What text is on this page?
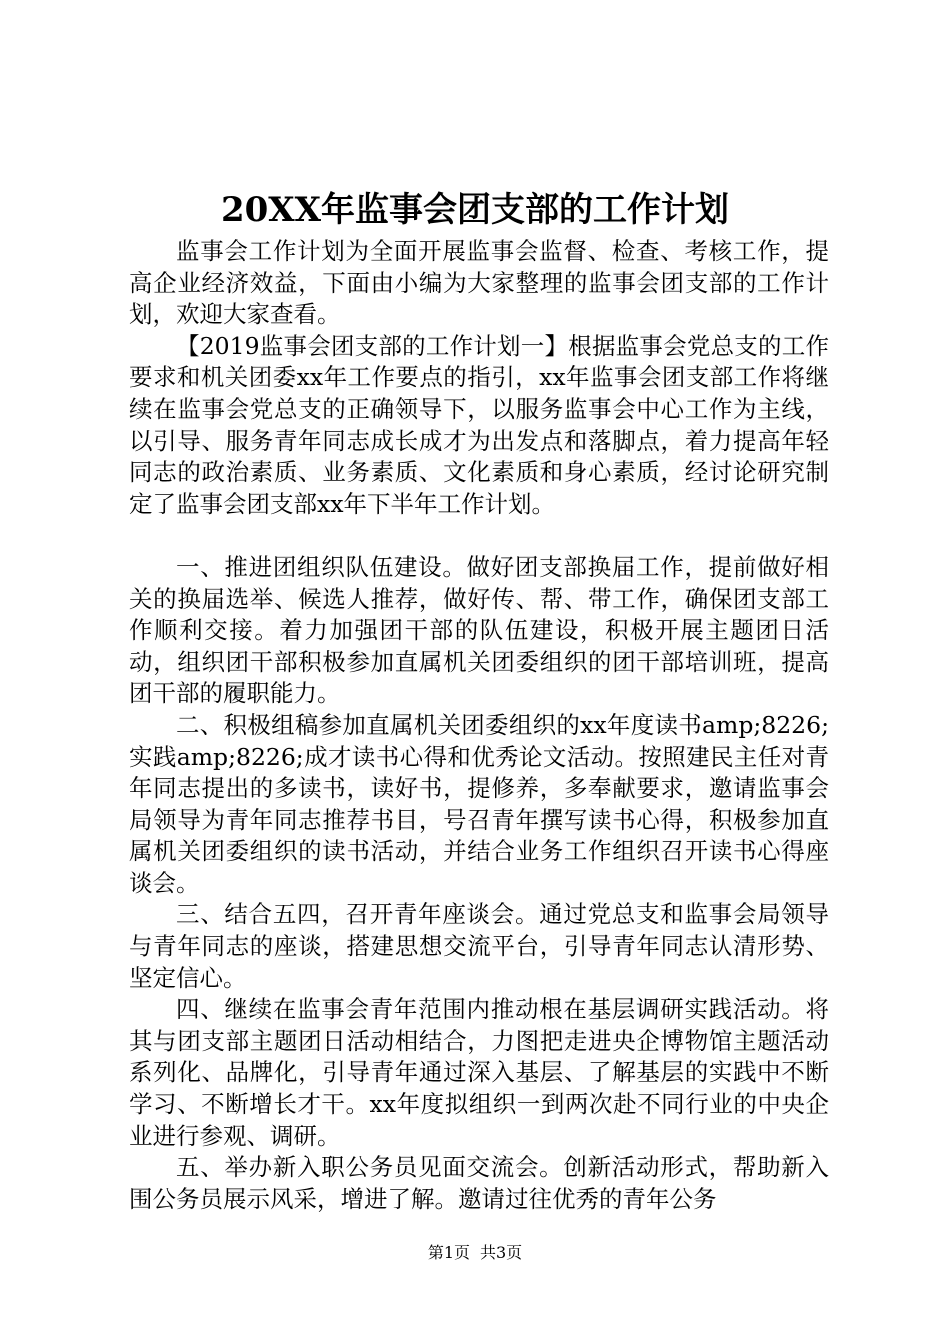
20XX年监事会团支部的工作计划

监事会工作计划为全面开展监事会监督、检查、考核工作，提高企业经济效益，下面由小编为大家整理的监事会团支部的工作计划，欢迎大家查看。

【2019监事会团支部的工作计划一】根据监事会党总支的工作要求和机关团委xx年工作要点的指引，xx年监事会团支部工作将继续在监事会党总支的正确领导下，以服务监事会中心工作为主线，以引导、服务青年同志成长成才为出发点和落脚点，着力提高年轻同志的政治素质、业务素质、文化素质和身心素质，经讨论研究制定了监事会团支部xx年下半年工作计划。

一、推进团组织队伍建设。做好团支部换届工作，提前做好相关的换届选举、候选人推荐，做好传、帮、带工作，确保团支部工作顺利交接。着力加强团干部的队伍建设，积极开展主题团日活动，组织团干部积极参加直属机关团委组织的团干部培训班，提高团干部的履职能力。

二、积极组稿参加直属机关团委组织的xx年度读书amp;8226;实践amp;8226;成才读书心得和优秀论文活动。按照建民主任对青年同志提出的多读书，读好书，提修养，多奉献要求，邀请监事会局领导为青年同志推荐书目，号召青年撰写读书心得，积极参加直属机关团委组织的读书活动，并结合业务工作组织召开读书心得座谈会。

三、结合五四，召开青年座谈会。通过党总支和监事会局领导与青年同志的座谈，搭建思想交流平台，引导青年同志认清形势、坚定信心。

四、继续在监事会青年范围内推动根在基层调研实践活动。将其与团支部主题团日活动相结合，力图把走进央企博物馆主题活动系列化、品牌化，引导青年通过深入基层、了解基层的实践中不断学习、不断增长才干。xx年度拟组织一到两次赴不同行业的中央企业进行参观、调研。

五、举办新入职公务员见面交流会。创新活动形式，帮助新入围公务员展示风采，增进了解。邀请过往优秀的青年公务

第1页 共3页
